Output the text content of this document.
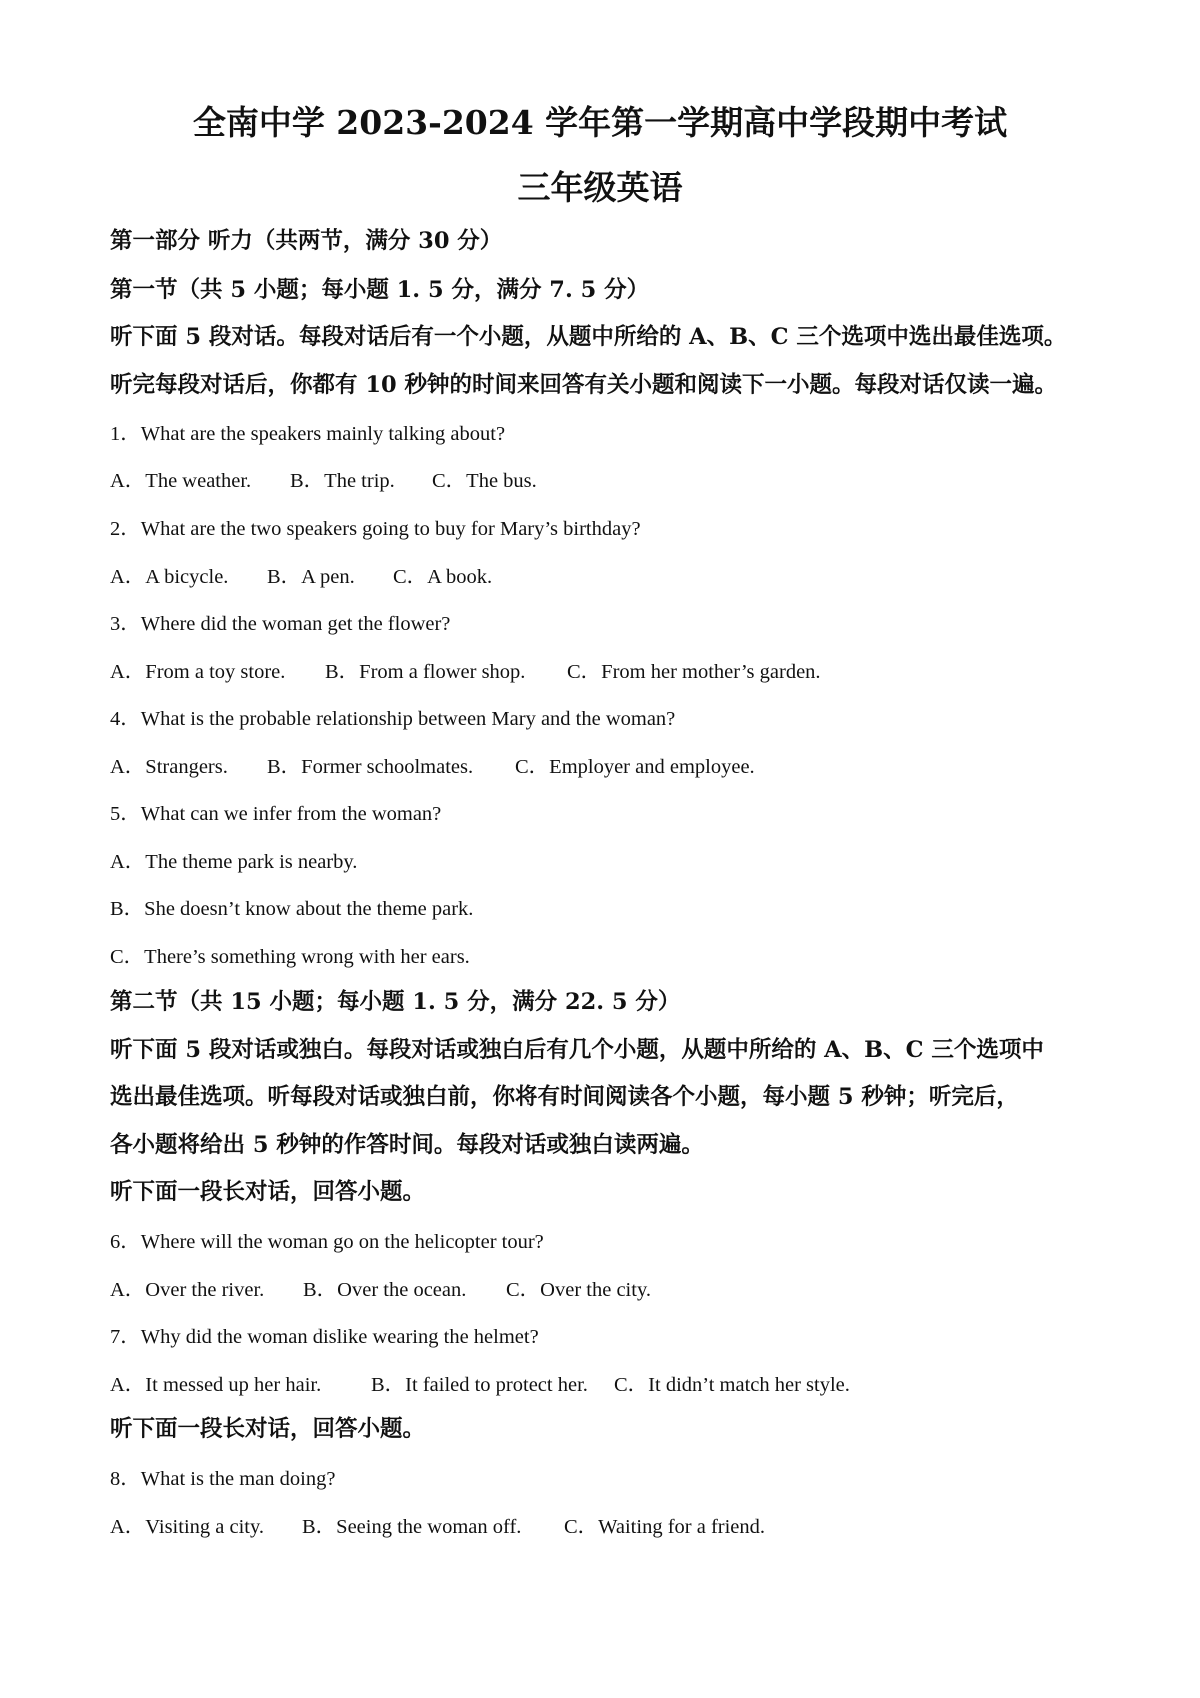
全南中学 2023-2024 学年第一学期高中学段期中考试
三年级英语

第一部分 听力（共两节，满分 30 分）

第一节（共 5 小题；每小题 1. 5 分，满分 7. 5 分）

听下面 5 段对话。每段对话后有一个小题，从题中所给的 A、B、C 三个选项中选出最佳选项。

听完每段对话后，你都有 10 秒钟的时间来回答有关小题和阅读下一小题。每段对话仅读一遍。

1．What are the speakers mainly talking about?

A．The weather. B．The trip. C．The bus.

2．What are the two speakers going to buy for Mary’s birthday?

A．A bicycle. B．A pen. C．A book.

3．Where did the woman get the flower?

A．From a toy store. B．From a flower shop. C．From her mother’s garden.

4．What is the probable relationship between Mary and the woman?

A．Strangers. B．Former schoolmates. C．Employer and employee.

5．What can we infer from the woman?

A．The theme park is nearby.

B．She doesn’t know about the theme park.

C．There’s something wrong with her ears.

第二节（共 15 小题；每小题 1. 5 分，满分 22. 5 分）

听下面 5 段对话或独白。每段对话或独白后有几个小题，从题中所给的 A、B、C 三个选项中

选出最佳选项。听每段对话或独白前，你将有时间阅读各个小题，每小题 5 秒钟；听完后，

各小题将给出 5 秒钟的作答时间。每段对话或独白读两遍。

听下面一段长对话，回答小题。

6．Where will the woman go on the helicopter tour?

A．Over the river. B．Over the ocean. C．Over the city.

7．Why did the woman dislike wearing the helmet?

A．It messed up her hair. B．It failed to protect her. C．It didn’t match her style.

听下面一段长对话，回答小题。

8．What is the man doing?

A．Visiting a city. B．Seeing the woman off. C．Waiting for a friend.
